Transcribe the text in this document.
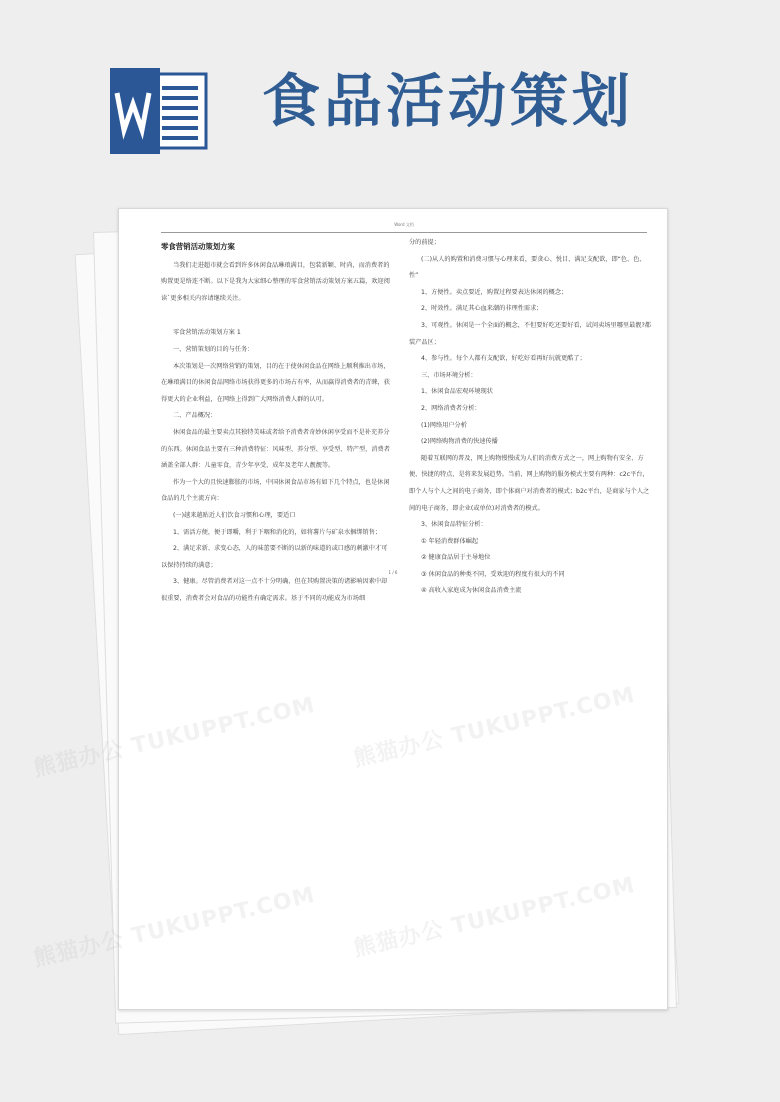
食品活动策划
Word 文档

零食营销活动策划方案

当我们走进超市就会看到许多休闲食品琳琅满目，包装新颖、时尚，而消费者的购置更是络连不断。以下是我为大家细心整理的零食营销活动策划方案五篇，欢迎阅读`更多相关内容请继续关注。

零食营销活动策划方案 1

一、营销策划的目的与任务：

本次策划是一次网络营销的策划，目的在于使休闲食品在网络上顺利推出市场，在琳琅满目的休闲食品网络市场获得更多的市场占有率，从而赢得消费者的青睐，获得更大的企业利益，在网络上得到广大网络消费人群的认可。

二、产品概况：

休闲食品的最主要卖点其独特美味或者给予消费者奇妙休闲享受而不是补充养分的东西。休闲食品主要有三种消费特征：风味型、养分型、享受型、特产型，消费者涵盖全部人群：儿童零食，青少年享受，成年及老年人靓靓等。

作为一个大的且快速膨胀的市场，中国休闲食品市场有如下几个特点，也是休闲食品的几个主流方向：

(一)越来越贴近人们饮食习惯和心理，要适口

1、需活方便，便于即嚼，利于下咽和消化的，如将薯片与矿泉水捆绑销售；

2、满足求新、求变心态，人的味蕾要不断的以新的味道的或口感的刺激中才可以保持持续的满意；

3、健康。尽管消费者对这一点不十分明确，但在其购置决策的诸影响因素中却很重要，消费者会对食品的功能性有确定需求。基于不同的功能成为市场细

分的前提；

(二)从人的购置和消费习惯与心理来看，要贪心、悦目、满足支配欲，即“色、色、性”

1、方便性。卖点要近，购置过程要表达休闲的概念；

2、时效性。满足其心血来潮的非理性需求；

3、可观性。休闲是一个全面的概念，不但要好吃还要好看，试问卖场里哪里最靓?都装产品区；

4、参与性。每个人都有支配欲，好吃好看再好玩就更酷了；

三、市场环境分析：

1、休闲食品宏观环境现状

2、网络消费者分析：

(1)网络用户分析

(2)网络购物消费的快速传播

随着互联网的普及，网上购物慢慢成为人们的消费方式之一，网上购物有安全、方便、快捷的特点，是将来发展趋势。当前，网上购物的服务模式主要有两种：c2c平台，即个人与个人之间的电子商务，即个体商户对消费者的模式；b2c平台，是商家与个人之间的电子商务，即企业(或单位)对消费者的模式。

3、休闲食品特征分析：

① 年轻消费群体崛起

② 健康食品居于主导地位

③ 休闲食品的种类不同，受欢迎的程度有很大的不同

④ 高收入家庭成为休闲食品消费主流

1 / 6
熊猫办公 TUKUPPT.COM 熊猫办公 TUKUPPT.COM
熊猫办公 TUKUPPT.COM 熊猫办公 TUKUPPT.COM
